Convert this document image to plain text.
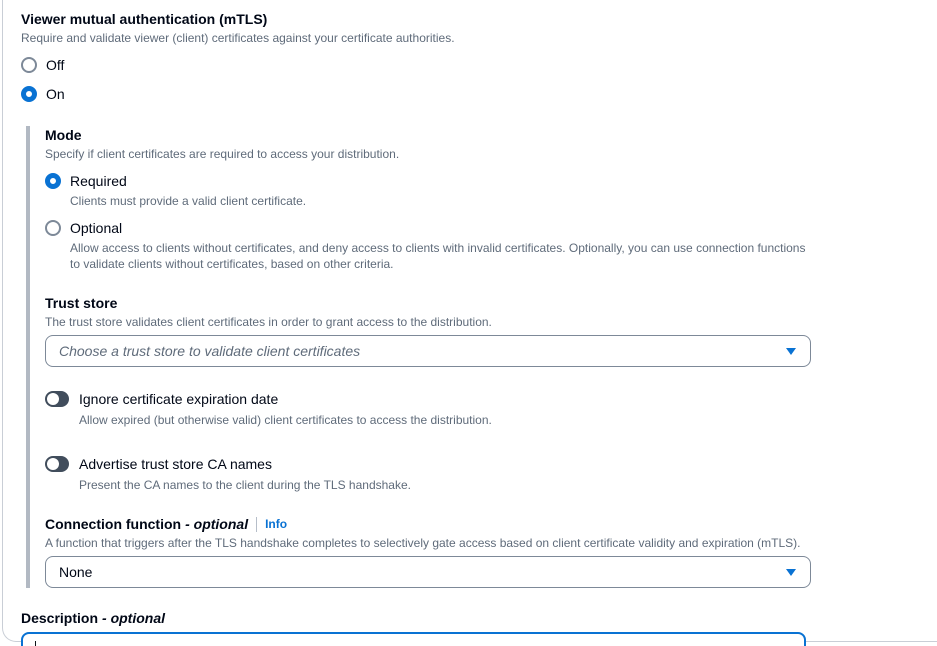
Viewer mutual authentication (mTLS)
Require and validate viewer (client) certificates against your certificate authorities.
Off
On
Mode
Specify if client certificates are required to access your distribution.
Required
Clients must provide a valid client certificate.
Optional
Allow access to clients without certificates, and deny access to clients with invalid certificates. Optionally, you can use connection functions to validate clients without certificates, based on other criteria.
Trust store
The trust store validates client certificates in order to grant access to the distribution.
Choose a trust store to validate client certificates
Ignore certificate expiration date
Allow expired (but otherwise valid) client certificates to access the distribution.
Advertise trust store CA names
Present the CA names to the client during the TLS handshake.
Connection function - optional Info
A function that triggers after the TLS handshake completes to selectively gate access based on client certificate validity and expiration (mTLS).
None
Description - optional
